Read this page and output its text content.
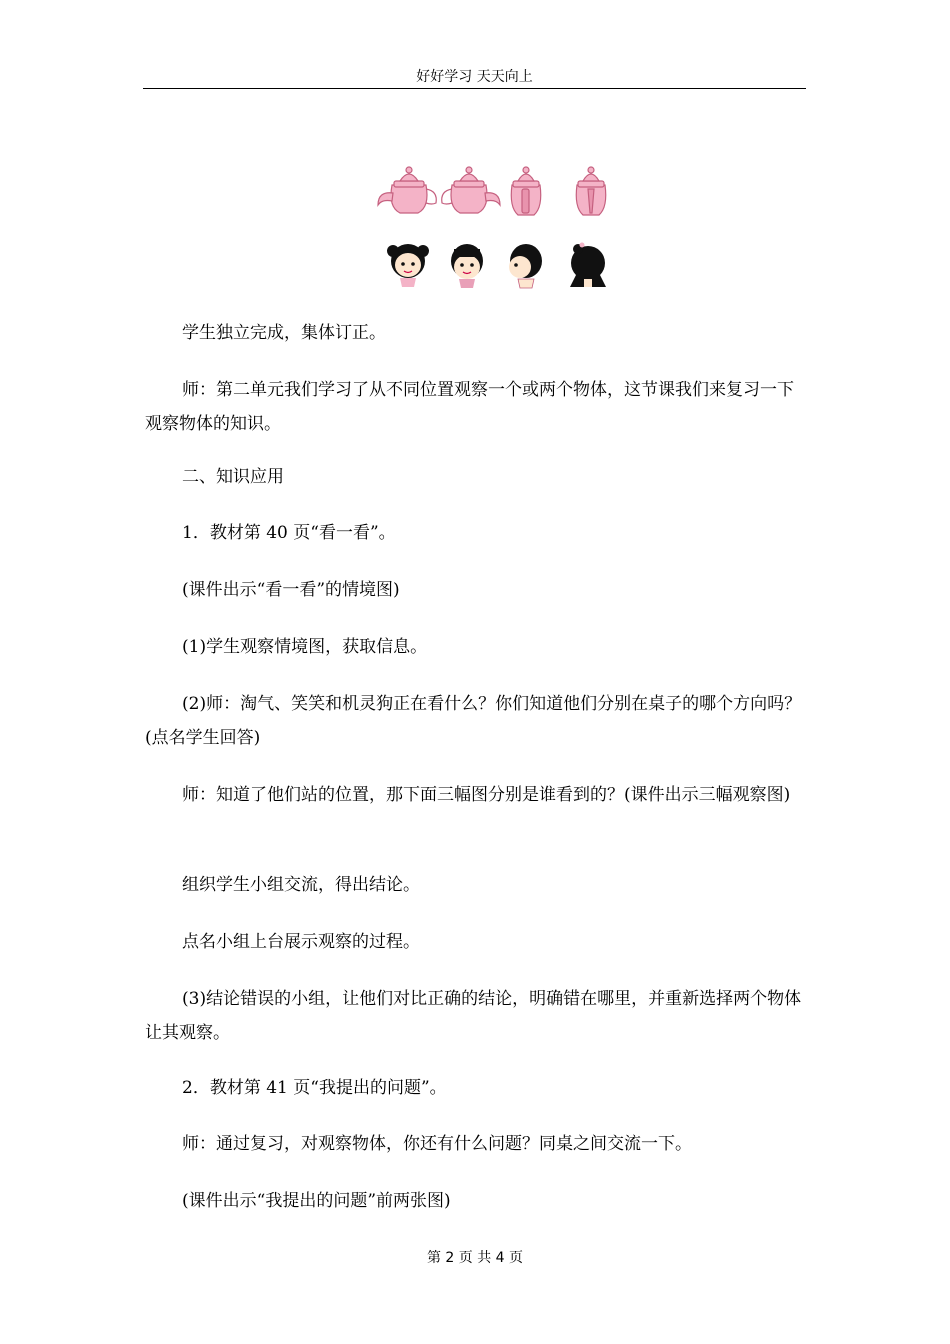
好好学习 天天向上

学生独立完成，集体订正。

师：第二单元我们学习了从不同位置观察一个或两个物体，这节课我们来复习一下观察物体的知识。

二、知识应用

1．教材第 40 页“看一看”。

(课件出示“看一看”的情境图)

(1)学生观察情境图，获取信息。

(2)师：淘气、笑笑和机灵狗正在看什么？你们知道他们分别在桌子的哪个方向吗？(点名学生回答)

师：知道了他们站的位置，那下面三幅图分别是谁看到的？(课件出示三幅观察图)

组织学生小组交流，得出结论。

点名小组上台展示观察的过程。

(3)结论错误的小组，让他们对比正确的结论，明确错在哪里，并重新选择两个物体让其观察。

2．教材第 41 页“我提出的问题”。

师：通过复习，对观察物体，你还有什么问题？同桌之间交流一下。

(课件出示“我提出的问题”前两张图)

第 2 页 共 4 页
